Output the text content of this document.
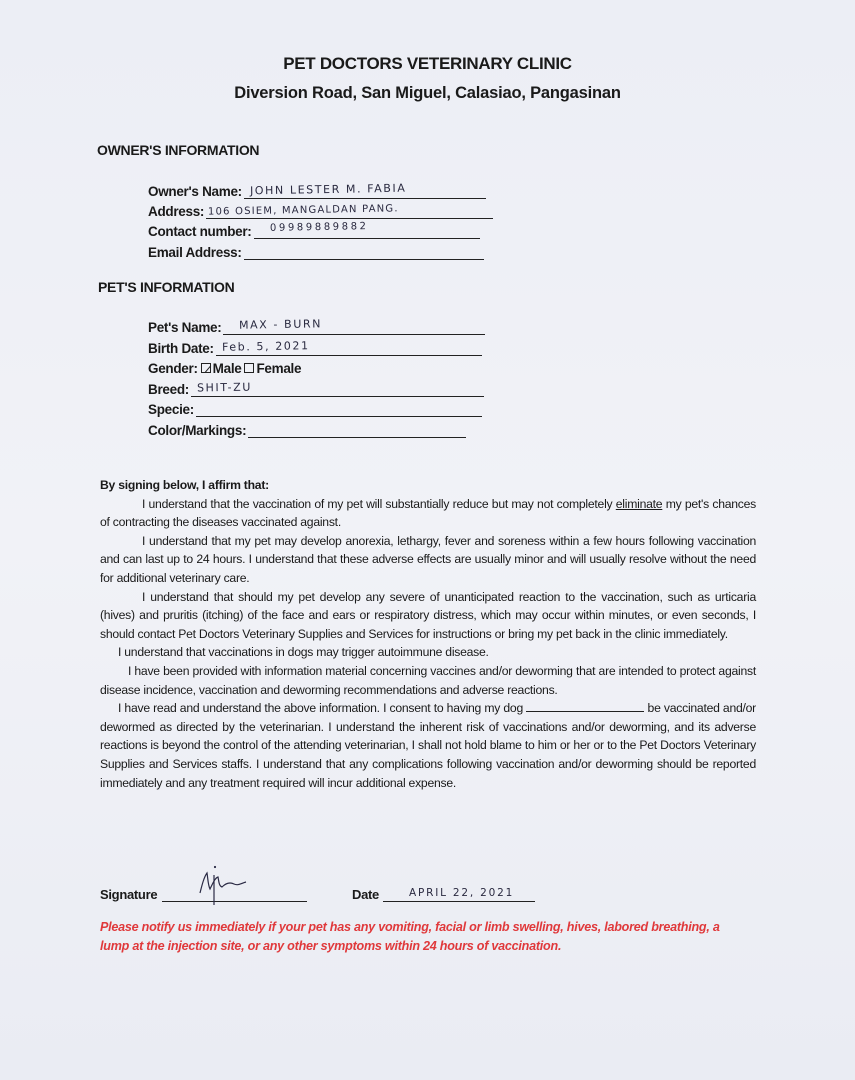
PET DOCTORS VETERINARY CLINIC
Diversion Road, San Miguel, Calasiao, Pangasinan
OWNER'S INFORMATION
Owner's Name: JOHN LESTER M. FABIA
Address: 106 OSIEM, MANGALDAN PANG.
Contact number: 09989889882
Email Address:
PET'S INFORMATION
Pet's Name: MAX - BURN
Birth Date: Feb. 5, 2021
Gender: Male Female
Breed: SHIT-ZU
Specie:
Color/Markings:
By signing below, I affirm that:

I understand that the vaccination of my pet will substantially reduce but may not completely eliminate my pet's chances of contracting the diseases vaccinated against.

I understand that my pet may develop anorexia, lethargy, fever and soreness within a few hours following vaccination and can last up to 24 hours. I understand that these adverse effects are usually minor and will usually resolve without the need for additional veterinary care.

I understand that should my pet develop any severe of unanticipated reaction to the vaccination, such as urticaria (hives) and pruritis (itching) of the face and ears or respiratory distress, which may occur within minutes, or even seconds, I should contact Pet Doctors Veterinary Supplies and Services for instructions or bring my pet back in the clinic immediately.

I understand that vaccinations in dogs may trigger autoimmune disease.

I have been provided with information material concerning vaccines and/or deworming that are intended to protect against disease incidence, vaccination and deworming recommendations and adverse reactions.

I have read and understand the above information. I consent to having my dog	be vaccinated and/or dewormed as directed by the veterinarian. I understand the inherent risk of vaccinations and/or deworming, and its adverse reactions is beyond the control of the attending veterinarian, I shall not hold blame to him or her or to the Pet Doctors Veterinary Supplies and Services staffs. I understand that any complications following vaccination and/or deworming should be reported immediately and any treatment required will incur additional expense.

Signature	Date	APRIL 22, 2021
Please notify us immediately if your pet has any vomiting, facial or limb swelling, hives, labored breathing, a lump at the injection site, or any other symptoms within 24 hours of vaccination.
